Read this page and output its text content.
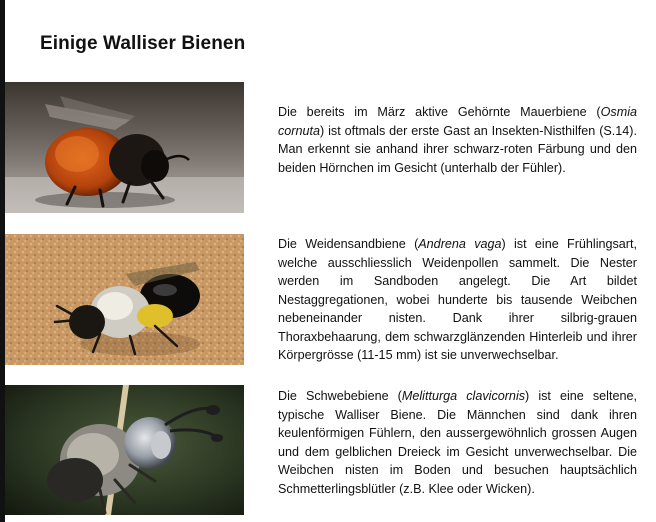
Einige Walliser Bienen

Die bereits im März aktive Gehörnte Mauerbiene (Osmia cornuta) ist oftmals der erste Gast an Insekten-Nisthilfen (S.14). Man erkennt sie anhand ihrer schwarz-roten Färbung und den beiden Hörnchen im Gesicht (unterhalb der Fühler).

Die Weidensandbiene (Andrena vaga) ist eine Frühlingsart, welche ausschliesslich Weidenpollen sammelt. Die Nester werden im Sandboden angelegt. Die Art bildet Nestaggregationen, wobei hunderte bis tausende Weibchen nebeneinander nisten. Dank ihrer silbrig-grauen Thoraxbehaarung, dem schwarzglänzenden Hinterleib und ihrer Körpergrösse (11-15 mm) ist sie unverwechselbar.

Die Schwebebiene (Melitturga clavicornis) ist eine seltene, typische Walliser Biene. Die Männchen sind dank ihren keulenförmigen Fühlern, den aussergewöhnlich grossen Augen und dem gelblichen Dreieck im Gesicht unverwechselbar. Die Weibchen nisten im Boden und besuchen hauptsächlich Schmetterlingsblütler (z.B. Klee oder Wicken).
